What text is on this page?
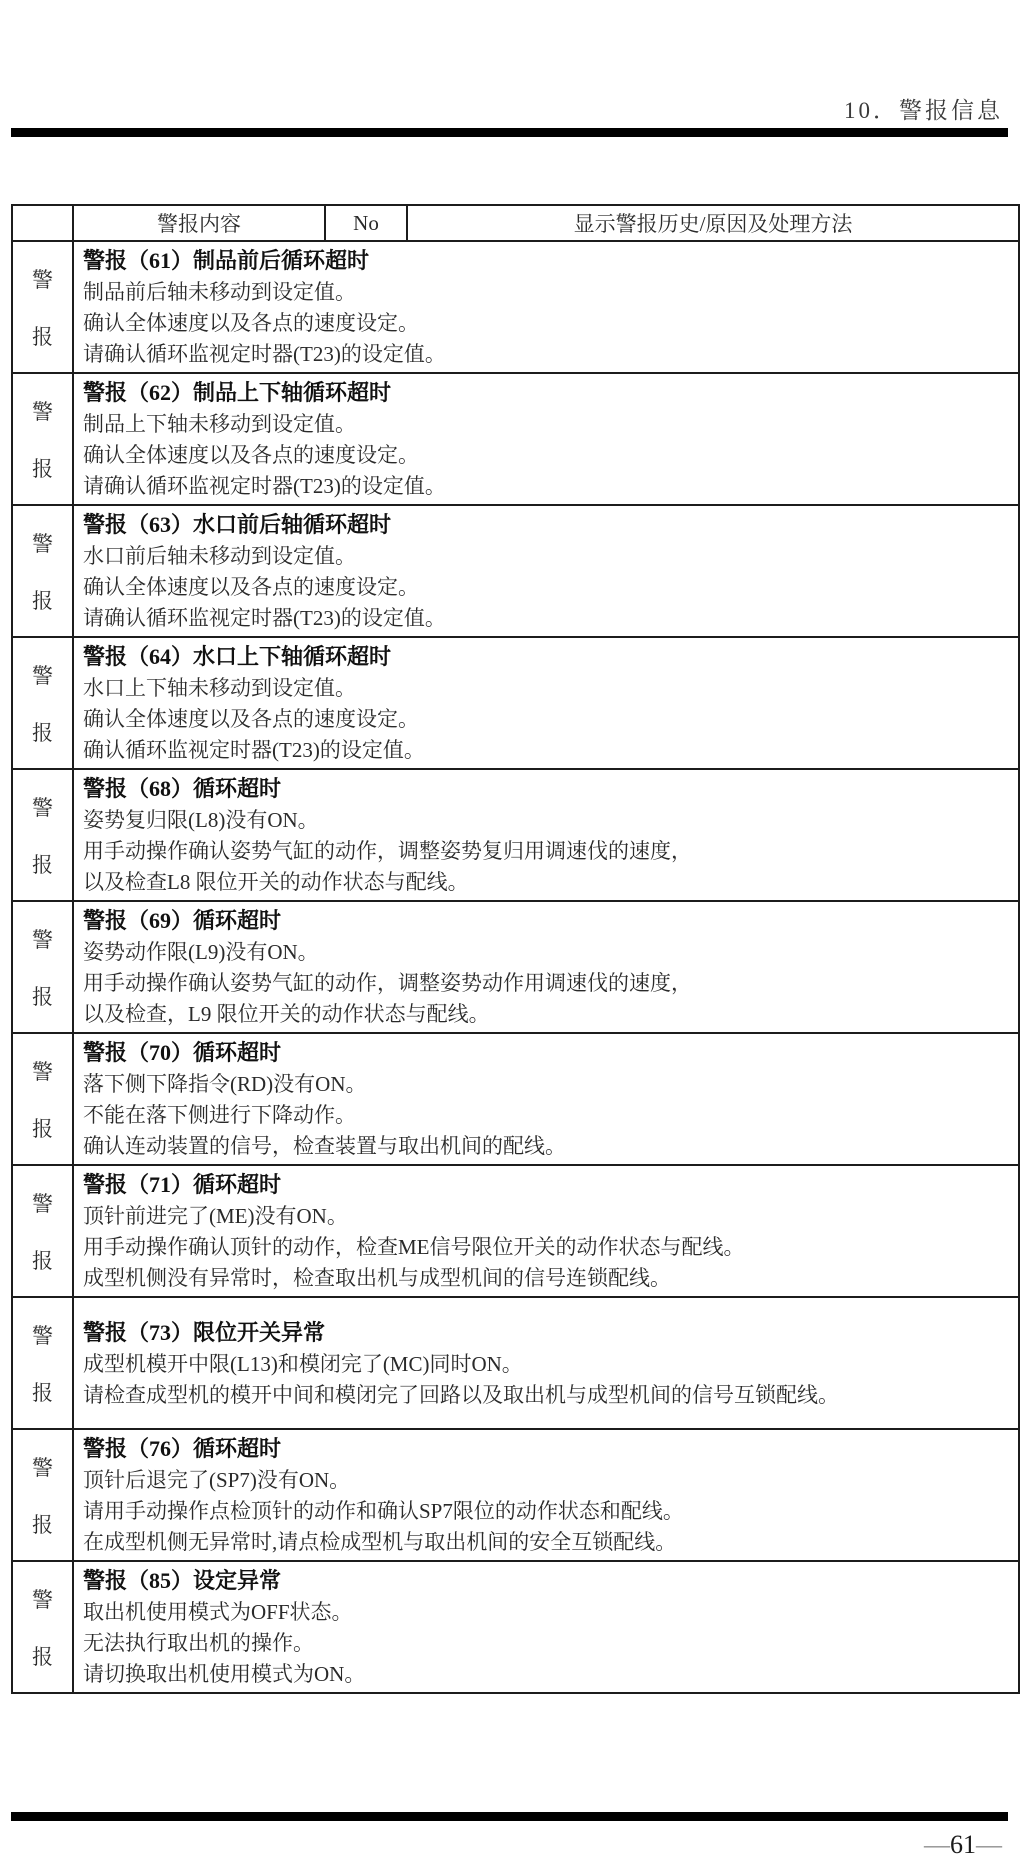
10．警报信息
	警报内容	No	显示警报历史/原因及处理方法

警
报

警报（61）制品前后循环超时
制品前后轴未移动到设定值。
确认全体速度以及各点的速度设定。
请确认循环监视定时器(T23)的设定值。

警
报

警报（62）制品上下轴循环超时
制品上下轴未移动到设定值。
确认全体速度以及各点的速度设定。
请确认循环监视定时器(T23)的设定值。

警
报

警报（63）水口前后轴循环超时
水口前后轴未移动到设定值。
确认全体速度以及各点的速度设定。
请确认循环监视定时器(T23)的设定值。

警
报

警报（64）水口上下轴循环超时
水口上下轴未移动到设定值。
确认全体速度以及各点的速度设定。
确认循环监视定时器(T23)的设定值。

警
报

警报（68）循环超时
姿势复归限(L8)没有ON。
用手动操作确认姿势气缸的动作，调整姿势复归用调速伐的速度，
以及检查L8 限位开关的动作状态与配线。

警
报

警报（69）循环超时
姿势动作限(L9)没有ON。
用手动操作确认姿势气缸的动作，调整姿势动作用调速伐的速度，
以及检查，L9 限位开关的动作状态与配线。

警
报

警报（70）循环超时
落下侧下降指令(RD)没有ON。
不能在落下侧进行下降动作。
确认连动装置的信号，检查装置与取出机间的配线。

警
报

警报（71）循环超时
顶针前进完了(ME)没有ON。
用手动操作确认顶针的动作，检查ME信号限位开关的动作状态与配线。
成型机侧没有异常时，检查取出机与成型机间的信号连锁配线。

警
报

警报（73）限位开关异常
成型机模开中限(L13)和模闭完了(MC)同时ON。
请检查成型机的模开中间和模闭完了回路以及取出机与成型机间的信号互锁配线。

警
报

警报（76）循环超时
顶针后退完了(SP7)没有ON。
请用手动操作点检顶针的动作和确认SP7限位的动作状态和配线。
在成型机侧无异常时,请点检成型机与取出机间的安全互锁配线。

警
报

警报（85）设定异常
取出机使用模式为OFF状态。
无法执行取出机的操作。
请切换取出机使用模式为ON。
—61—
